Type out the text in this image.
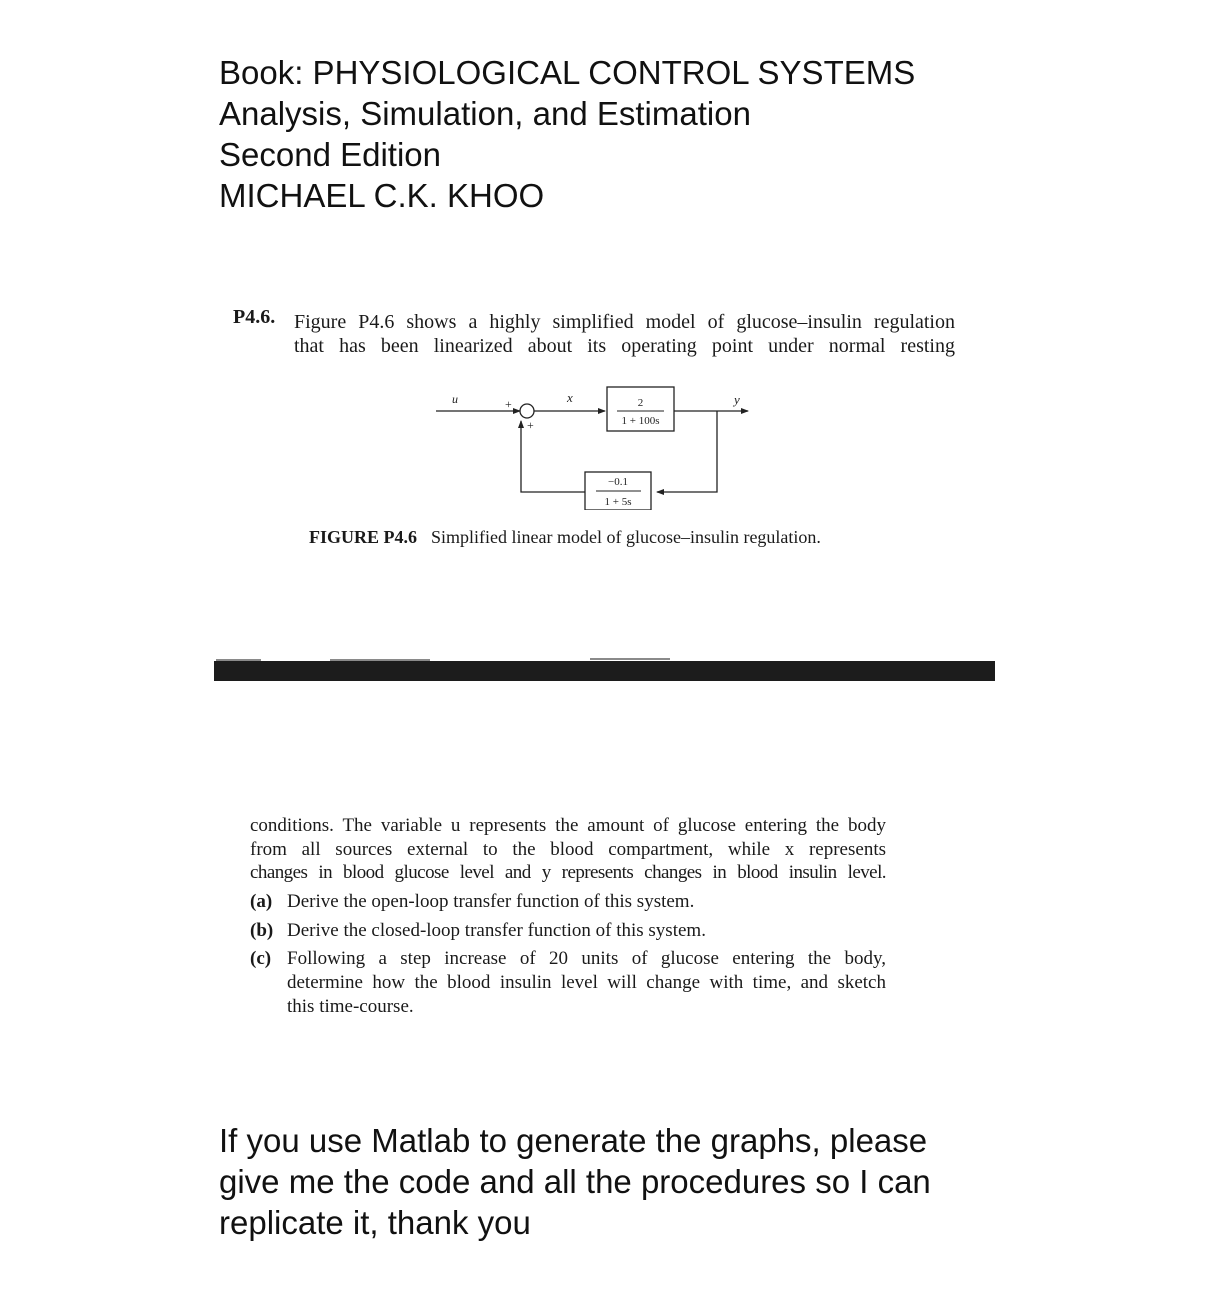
Book: PHYSIOLOGICAL CONTROL SYSTEMS
Analysis, Simulation, and Estimation
Second Edition
MICHAEL C.K. KHOO
P4.6. Figure P4.6 shows a highly simplified model of glucose–insulin regulation
that has been linearized about its operating point under normal resting
2
1 + 100s
−0.1
1 + 5s
u	x	y
+
+
FIGURE P4.6 Simplified linear model of glucose–insulin regulation.
conditions. The variable u represents the amount of glucose entering the body
from all sources external to the blood compartment, while x represents
changes in blood glucose level and y represents changes in blood insulin level.
(a) Derive the open-loop transfer function of this system.
(b) Derive the closed-loop transfer function of this system.
(c) Following a step increase of 20 units of glucose entering the body,
determine how the blood insulin level will change with time, and sketch
this time-course.
If you use Matlab to generate the graphs, please
give me the code and all the procedures so I can
replicate it, thank you
